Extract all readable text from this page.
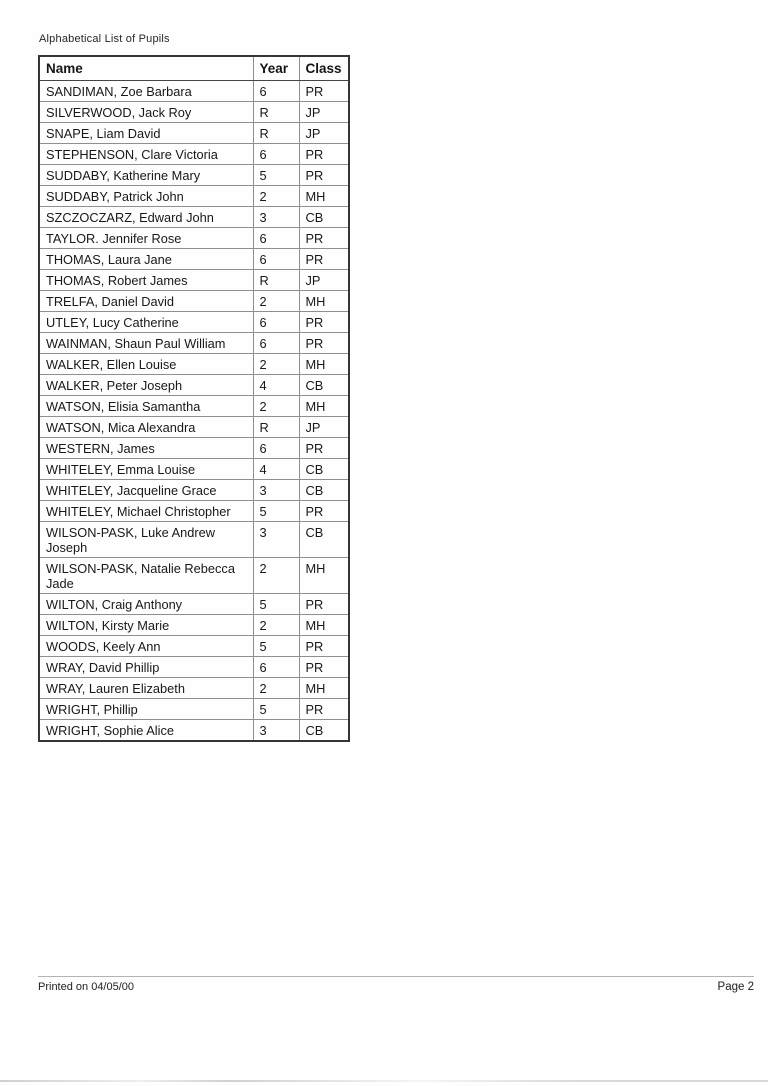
Alphabetical List of Pupils
Name	Year	Class
SANDIMAN, Zoe Barbara	6	PR
SILVERWOOD, Jack Roy	R	JP
SNAPE, Liam David	R	JP
STEPHENSON, Clare Victoria	6	PR
SUDDABY, Katherine Mary	5	PR
SUDDABY, Patrick John	2	MH
SZCZOCZARZ, Edward John	3	CB
TAYLOR. Jennifer Rose	6	PR
THOMAS, Laura Jane	6	PR
THOMAS, Robert James	R	JP
TRELFA, Daniel David	2	MH
UTLEY, Lucy Catherine	6	PR
WAINMAN, Shaun Paul William	6	PR
WALKER, Ellen Louise	2	MH
WALKER, Peter Joseph	4	CB
WATSON, Elisia Samantha	2	MH
WATSON, Mica Alexandra	R	JP
WESTERN, James	6	PR
WHITELEY, Emma Louise	4	CB
WHITELEY, Jacqueline Grace	3	CB
WHITELEY, Michael Christopher	5	PR
WILSON-PASK, Luke Andrew Joseph	3	CB
WILSON-PASK, Natalie Rebecca Jade	2	MH
WILTON, Craig Anthony	5	PR
WILTON, Kirsty Marie	2	MH
WOODS, Keely Ann	5	PR
WRAY, David Phillip	6	PR
WRAY, Lauren Elizabeth	2	MH
WRIGHT, Phillip	5	PR
WRIGHT, Sophie Alice	3	CB
Printed on 04/05/00	Page 2
